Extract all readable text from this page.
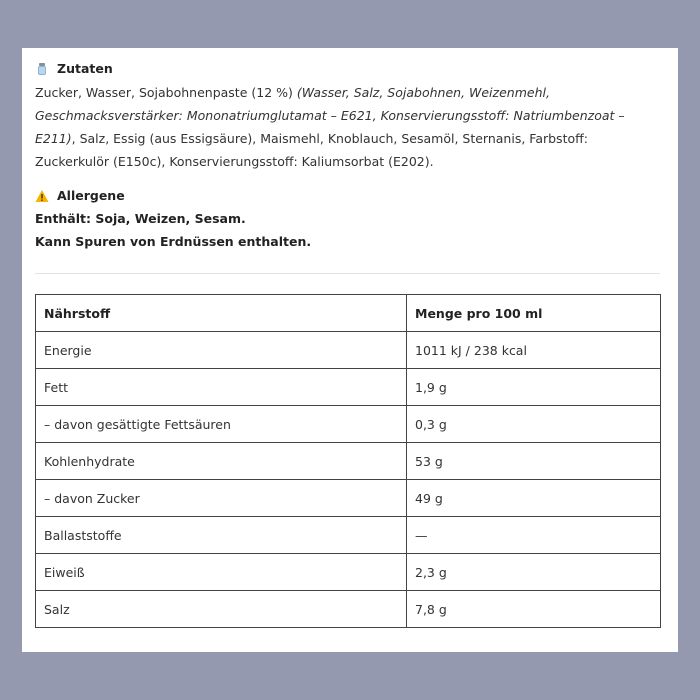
Zutaten
Zucker, Wasser, Sojabohnenpaste (12 %) (Wasser, Salz, Sojabohnen, Weizenmehl, Geschmacksverstärker: Mononatriumglutamat – E621, Konservierungsstoff: Natriumbenzoat – E211), Salz, Essig (aus Essigsäure), Maismehl, Knoblauch, Sesamöl, Sternanis, Farbstoff: Zuckerkulör (E150c), Konservierungsstoff: Kaliumsorbat (E202).
Allergene
Enthält: Soja, Weizen, Sesam.
Kann Spuren von Erdnüssen enthalten.
Nährstoff	Menge pro 100 ml
Energie	1011 kJ / 238 kcal
Fett	1,9 g
– davon gesättigte Fettsäuren	0,3 g
Kohlenhydrate	53 g
– davon Zucker	49 g
Ballaststoffe	—
Eiweiß	2,3 g
Salz	7,8 g
